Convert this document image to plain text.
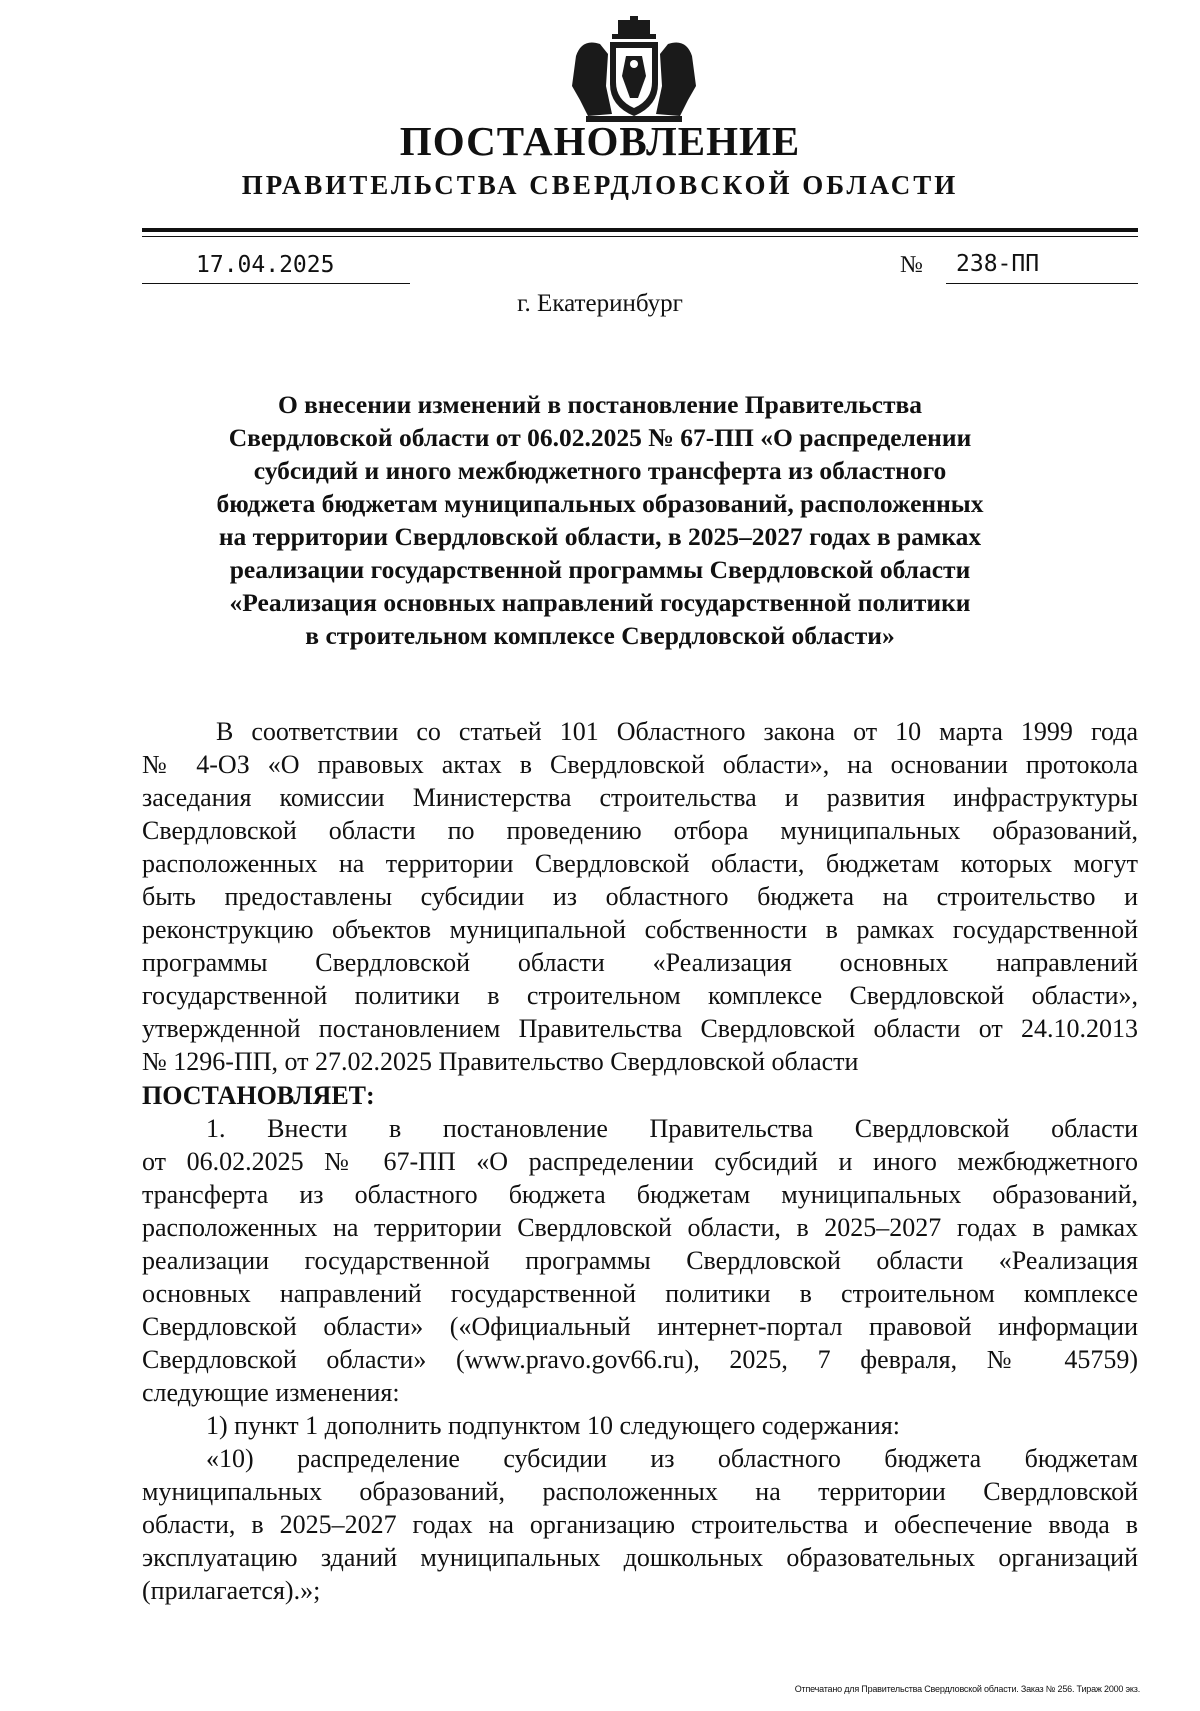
ПОСТАНОВЛЕНИЕ
ПРАВИТЕЛЬСТВА СВЕРДЛОВСКОЙ ОБЛАСТИ
17.04.2025	№ 238-ПП
г. Екатеринбург
О внесении изменений в постановление Правительства
Свердловской области от 06.02.2025 № 67-ПП «О распределении
субсидий и иного межбюджетного трансферта из областного
бюджета бюджетам муниципальных образований, расположенных
на территории Свердловской области, в 2025–2027 годах в рамках
реализации государственной программы Свердловской области
«Реализация основных направлений государственной политики
в строительном комплексе Свердловской области»
В соответствии со статьей 101 Областного закона от 10 марта 1999 года
№ 4-ОЗ «О правовых актах в Свердловской области», на основании протокола
заседания комиссии Министерства строительства и развития инфраструктуры
Свердловской области по проведению отбора муниципальных образований,
расположенных на территории Свердловской области, бюджетам которых могут
быть предоставлены субсидии из областного бюджета на строительство и
реконструкцию объектов муниципальной собственности в рамках государственной
программы Свердловской области «Реализация основных направлений
государственной политики в строительном комплексе Свердловской области»,
утвержденной постановлением Правительства Свердловской области от 24.10.2013
№ 1296-ПП, от 27.02.2025 Правительство Свердловской области
ПОСТАНОВЛЯЕТ:
1. Внести в постановление Правительства Свердловской области
от 06.02.2025 № 67-ПП «О распределении субсидий и иного межбюджетного
трансферта из областного бюджета бюджетам муниципальных образований,
расположенных на территории Свердловской области, в 2025–2027 годах в рамках
реализации государственной программы Свердловской области «Реализация
основных направлений государственной политики в строительном комплексе
Свердловской области» («Официальный интернет-портал правовой информации
Свердловской области» (www.pravo.gov66.ru), 2025, 7 февраля, № 45759)
следующие изменения:
1) пункт 1 дополнить подпунктом 10 следующего содержания:
«10) распределение субсидии из областного бюджета бюджетам
муниципальных образований, расположенных на территории Свердловской
области, в 2025–2027 годах на организацию строительства и обеспечение ввода в
эксплуатацию зданий муниципальных дошкольных образовательных организаций
(прилагается).»;
Отпечатано для Правительства Свердловской области. Заказ № 256. Тираж 2000 экз.
